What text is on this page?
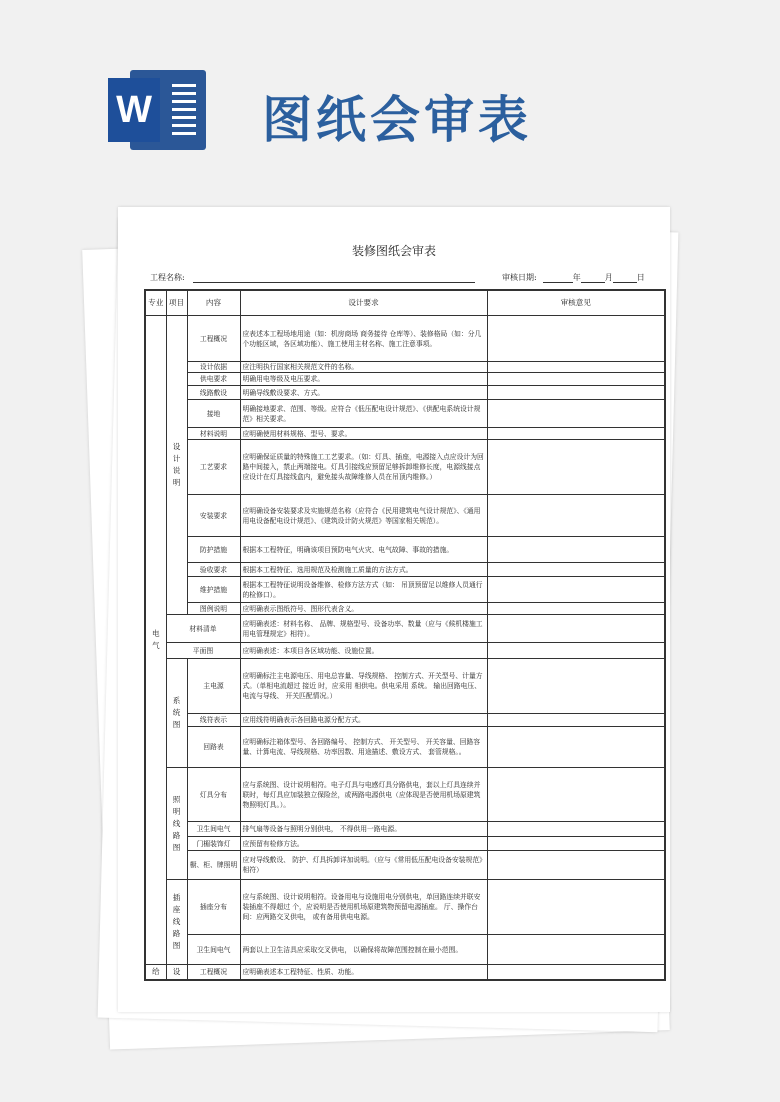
W 图纸会审表
装修图纸会审表
工程名称:	审核日期:	年	月	日
专业	项目	内容	设计要求	审核意见
电气	设计说明	工程概况	应表述本工程场地用途（如：机房商场 商务接待 仓库等）、装修格局（如：分几个功能区域，各区域功能）、施工使用主材名称、施工注意事项。	
		设计依据	应注明执行国家相关规范文件的名称。	
		供电要求	明确用电等级及电压要求。	
		线路敷设	明确导线敷设要求、方式。	
		接地	明确接地要求、范围、等级。应符合《低压配电设计规范》、《供配电系统设计规范》相关要求。	
		材料说明	应明确使用材料规格、型号、要求。	
		工艺要求	应明确保证质量的特殊施工工艺要求。（如：灯具、插座，电源接入点应设计为回路中间接入，禁止两端接电。灯具引接线应预留足够拆卸维修长度，电源线接点应设计在灯具接线盒内，避免接头故障维修人员在吊顶内维修。）	
		安装要求	应明确设备安装要求及实施规范名称（应符合《民用建筑电气设计规范》、《通用用电设备配电设计规范》、《建筑设计防火规范》等国家相关规范）。	
		防护措施	根据本工程特征，明确该项目预防电气火灾、电气故障、事故的措施。	
		验收要求	根据本工程特征、选用规范及检测施工质量的方法方式。	
		维护措施	根据本工程特征说明设备维修、检修方法方式（如： 吊顶预留足以维修人员通行的检修口）。	
		图例说明	应明确表示图纸符号、图形代表含义。	
	材料清单		应明确表述：材料名称、 品牌、规格型号、设备功率、数量（应与《候机楼施工用电管理规定》相符）。	
	平面图		应明确表述：本项目各区域功能、设施位置。	
	系统图	主电源	应明确标注主电源电压、用电总容量、导线规格、 控制方式、开关型号、计量方式。（单相电流超过 接近 时，应采用 相供电。供电采用 系统。 输出回路电压、电流与导线、 开关匹配情况。）	
		线符表示	应用线符明确表示各回路电源分配方式。	
		回路表	应明确标注箱体型号、各回路编号、 控制方式、 开关型号、 开关容量、回路容量、计算电流、导线规格、功率因数、用途描述、敷设方式、 套管规格。。	
	照明线路图	灯具分布	应与系统图、设计说明相符。电子灯具与电感灯具分路供电，套以上灯具连续并联时，每灯具应加装独立保险丝，或两路电源供电（应体现是否使用机场原建筑物照明灯具。）。	
		卫生间电气	排气扇等设备与照明分别供电， 不得供用一路电源。	
		门楣装饰灯	应预留有检修方法。	
		橱、柜、牌照明	应对导线敷设、 防护、灯具拆卸详加说明。（应与《常用低压配电设备安装规范》相符）	
	插座线路图	插座分布	应与系统图、设计说明相符。设备用电与设施用电分别供电，单回路连续并联安装插座不得超过 个，应说明是否使用机场原建筑物预留电源插座。 厅、操作台 间：应两路交叉供电， 或有备用供电电源。	
		卫生间电气	两套以上卫生洁具应采取交叉供电， 以确保将故障范围控制在最小范围。	
给	设	工程概况	应明确表述本工程特征、性质、功能。	
